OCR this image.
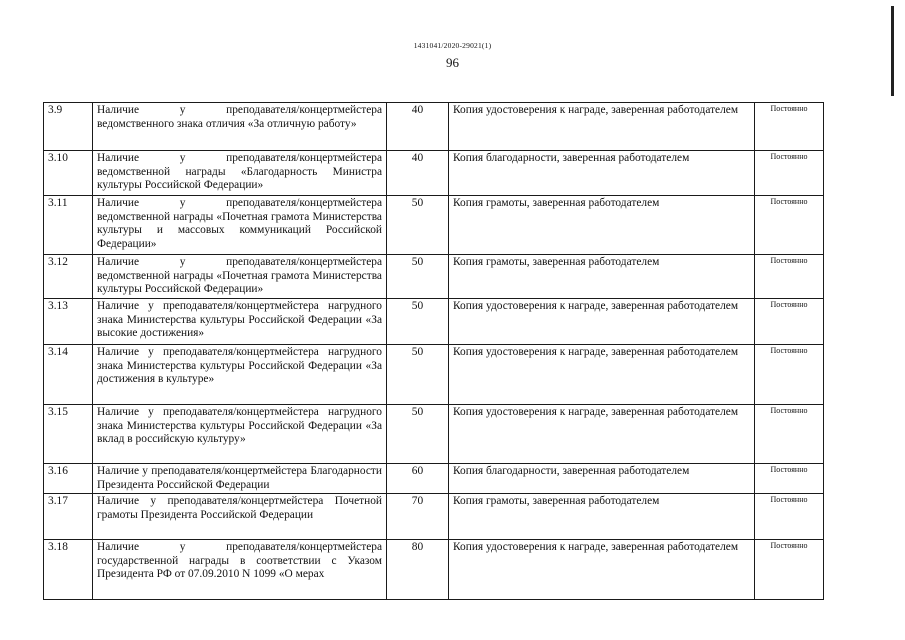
1431041/2020-29021(1)
96
3.9	Наличие у преподавателя/концертмейстера ведомственного знака отличия «За отличную работу»	40	Копия удостоверения к награде, заверенная работодателем	Постоянно
3.10	Наличие у преподавателя/концертмейстера ведомственной награды «Благодарность Министра культуры Российской Федерации»	40	Копия благодарности, заверенная работодателем	Постоянно
3.11	Наличие у преподавателя/концертмейстера ведомственной награды «Почетная грамота Министерства культуры и массовых коммуникаций Российской Федерации»	50	Копия грамоты, заверенная работодателем	Постоянно
3.12	Наличие у преподавателя/концертмейстера ведомственной награды «Почетная грамота Министерства культуры Российской Федерации»	50	Копия грамоты, заверенная работодателем	Постоянно
3.13	Наличие у преподавателя/концертмейстера нагрудного знака Министерства культуры Российской Федерации «За высокие достижения»	50	Копия удостоверения к награде, заверенная работодателем	Постоянно
3.14	Наличие у преподавателя/концертмейстера нагрудного знака Министерства культуры Российской Федерации «За достижения в культуре»	50	Копия удостоверения к награде, заверенная работодателем	Постоянно
3.15	Наличие у преподавателя/концертмейстера нагрудного знака Министерства культуры Российской Федерации «За вклад в российскую культуру»	50	Копия удостоверения к награде, заверенная работодателем	Постоянно
3.16	Наличие у преподавателя/концертмейстера Благодарности Президента Российской Федерации	60	Копия благодарности, заверенная работодателем	Постоянно
3.17	Наличие у преподавателя/концертмейстера Почетной грамоты Президента Российской Федерации	70	Копия грамоты, заверенная работодателем	Постоянно
3.18	Наличие у преподавателя/концертмейстера государственной награды в соответствии с Указом Президента РФ от 07.09.2010 N 1099 «О мерах	80	Копия удостоверения к награде, заверенная работодателем	Постоянно
